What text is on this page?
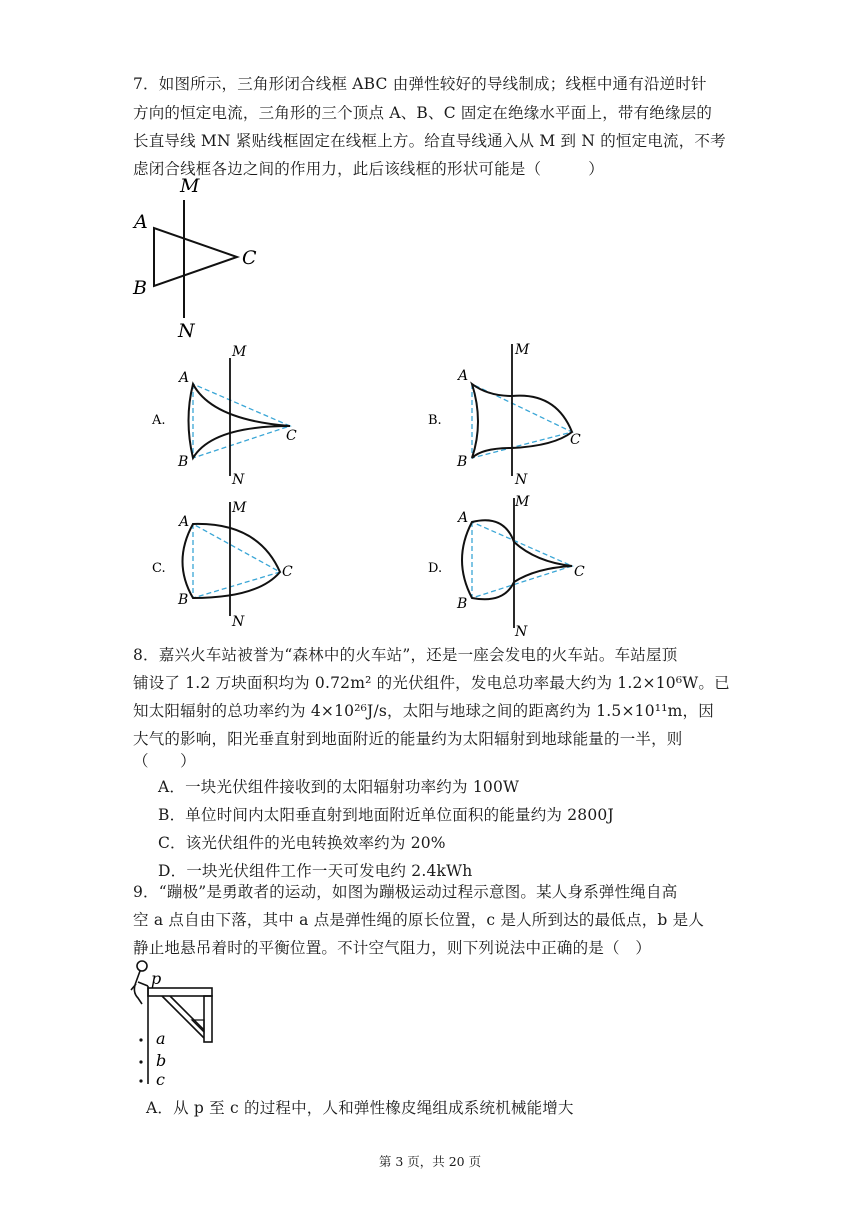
7．如图所示，三角形闭合线框 ABC 由弹性较好的导线制成；线框中通有沿逆时针
方向的恒定电流，三角形的三个顶点 A、B、C 固定在绝缘水平面上，带有绝缘层的
长直导线 MN 紧贴线框固定在线框上方。给直导线通入从 M 到 N 的恒定电流，不考
虑闭合线框各边之间的作用力，此后该线框的形状可能是（　　　）
A
B
C
M
N
A.
A
B
C
M
N
B.
A
B
C
M
N
C.
A
B
C
M
N
D.
A
B
C
M
N
8．嘉兴火车站被誉为“森林中的火车站”，还是一座会发电的火车站。车站屋顶
铺设了 1.2 万块面积均为 0.72m² 的光伏组件，发电总功率最大约为 1.2×10⁶W。已
知太阳辐射的总功率约为 4×10²⁶J/s，太阳与地球之间的距离约为 1.5×10¹¹m，因
大气的影响，阳光垂直射到地面附近的能量约为太阳辐射到地球能量的一半，则
（　　）
A．一块光伏组件接收到的太阳辐射功率约为 100W
B．单位时间内太阳垂直射到地面附近单位面积的能量约为 2800J
C．该光伏组件的光电转换效率约为 20%
D．一块光伏组件工作一天可发电约 2.4kWh
9．“蹦极”是勇敢者的运动，如图为蹦极运动过程示意图。某人身系弹性绳自高
空 a 点自由下落，其中 a 点是弹性绳的原长位置，c 是人所到达的最低点，b 是人
静止地悬吊着时的平衡位置。不计空气阻力，则下列说法中正确的是（　）
p
a
b
c
A．从 p 至 c 的过程中，人和弹性橡皮绳组成系统机械能增大
第 3 页，共 20 页
